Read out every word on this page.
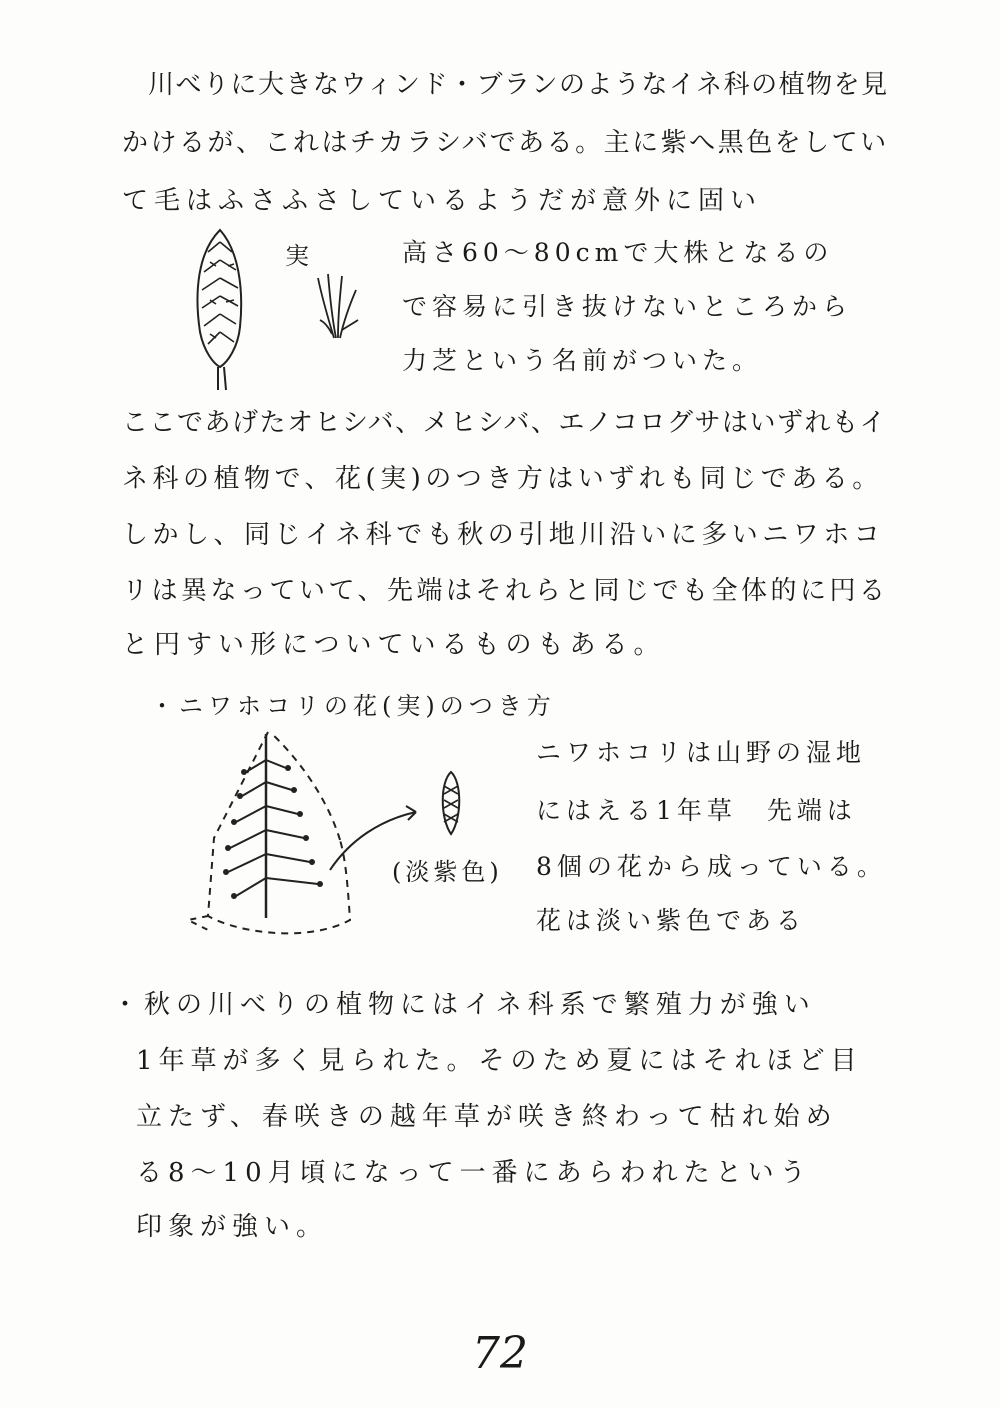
川べりに大きなウィンド・ブランのようなイネ科の植物を見
かけるが、これはチカラシバである。主に紫へ黒色をしてい
て毛はふさふさしているようだが意外に固い
実	高さ60〜80cmで大株となるの
で容易に引き抜けないところから
力芝という名前がついた。
ここであげたオヒシバ、メヒシバ、エノコログサはいずれもイ
ネ科の植物で、花(実)のつき方はいずれも同じである。
しかし、同じイネ科でも秋の引地川沿いに多いニワホコ
リは異なっていて、先端はそれらと同じでも全体的に円る
と円すい形についているものもある。
・ニワホコリの花(実)のつき方
(淡紫色)
ニワホコリは山野の湿地
にはえる1年草　先端は
8個の花から成っている。
花は淡い紫色である
・秋の川べりの植物にはイネ科系で繁殖力が強い
1年草が多く見られた。そのため夏にはそれほど目
立たず、春咲きの越年草が咲き終わって枯れ始め
る8〜10月頃になって一番にあらわれたという
印象が強い。
72
